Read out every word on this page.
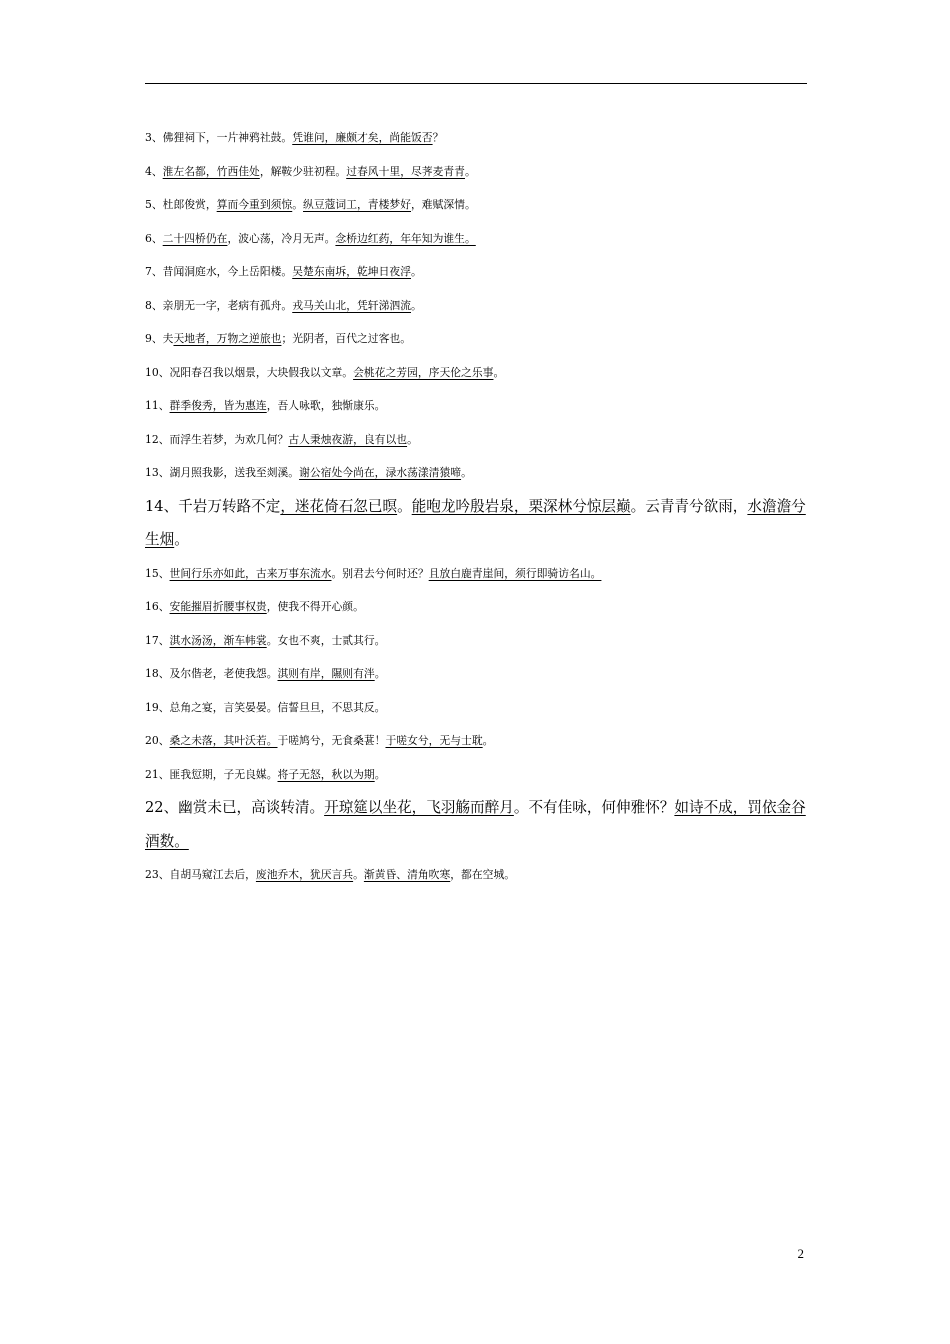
3、佛狸祠下，一片神鸦社鼓。凭谁问，廉颇才矣，尚能饭否？
4、淮左名都，竹西佳处，解鞍少驻初程。过春风十里，尽荠麦青青。
5、杜郎俊赏，算而今重到须惊。纵豆蔻词工，青楼梦好，难赋深情。
6、二十四桥仍在，波心荡，冷月无声。念桥边红药，年年知为谁生。
7、昔闻洞庭水，今上岳阳楼。吴楚东南坼，乾坤日夜浮。
8、亲朋无一字，老病有孤舟。戎马关山北，凭轩涕泗流。
9、夫天地者，万物之逆旅也；光阴者，百代之过客也。
10、况阳春召我以烟景，大块假我以文章。会桃花之芳园，序天伦之乐事。
11、群季俊秀，皆为惠连，吾人咏歌，独惭康乐。
12、而浮生若梦，为欢几何？古人秉烛夜游，良有以也。
13、湖月照我影，送我至剡溪。谢公宿处今尚在，渌水荡漾清猿啼。
14、千岩万转路不定，迷花倚石忽已暝。能咆龙吟殷岩泉，栗深林兮惊层巅。云青青兮欲雨，水澹澹兮生烟。
15、世间行乐亦如此，古来万事东流水。别君去兮何时还？且放白鹿青崖间，须行即骑访名山。
16、安能摧眉折腰事权贵，使我不得开心颜。
17、淇水汤汤，渐车帏裳。女也不爽，士贰其行。
18、及尔偕老，老使我怨。淇则有岸，隰则有泮。
19、总角之宴，言笑晏晏。信誓旦旦，不思其反。
20、桑之未落，其叶沃若。于嗟鸠兮，无食桑葚！于嗟女兮，无与士耽。
21、匪我愆期，子无良媒。将子无怒，秋以为期。
22、幽赏未已，高谈转清。开琼筵以坐花，飞羽觞而醉月。不有佳咏，何伸雅怀？如诗不成，罚依金谷酒数。
23、自胡马窥江去后，废池乔木，犹厌言兵。渐黄昏、清角吹寒，都在空城。
2
